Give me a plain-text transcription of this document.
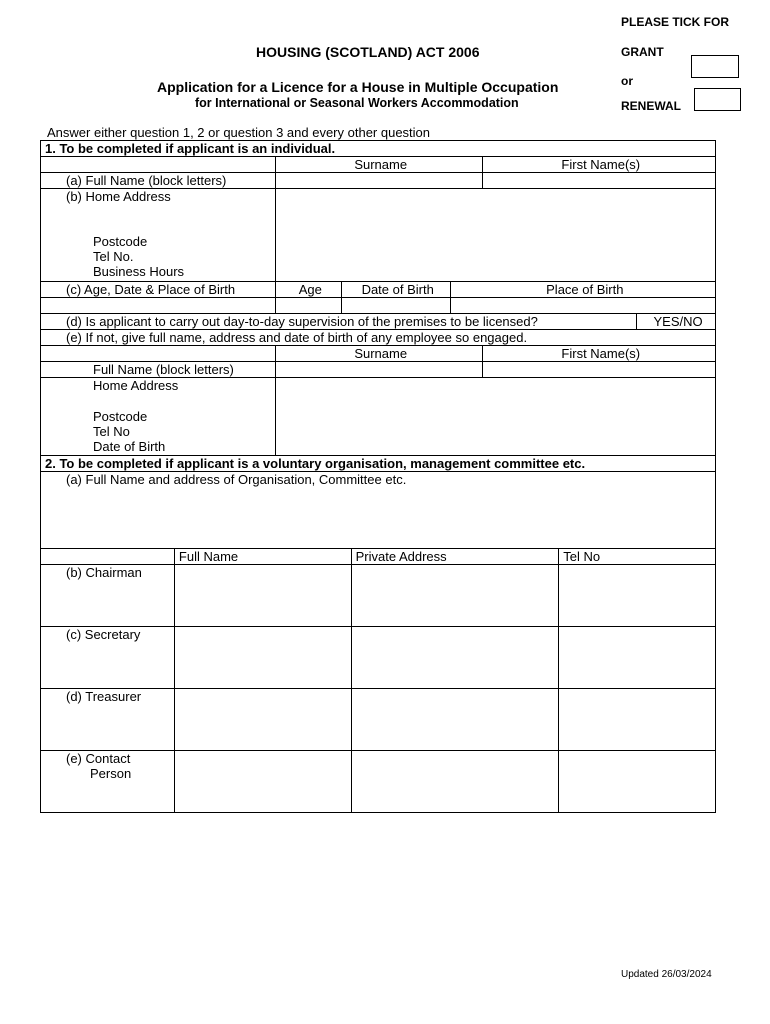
PLEASE TICK FOR
GRANT
or
RENEWAL
HOUSING (SCOTLAND) ACT 2006
Application for a Licence for a House in Multiple Occupation
for International or Seasonal Workers Accommodation
Answer either question 1, 2 or question 3 and every other question
1. To be completed if applicant is an individual.					
	Surname			First Name(s)	
(a) Full Name (block letters)					

(b) Home Address
Postcode
Tel No.
Business Hours					

(c) Age, Date & Place of Birth	Age	Date of Birth	Place of Birth		

(d) Is applicant to carry out day-to-day supervision of the premises to be licensed?					YES/NO
(e) If not, give full name, address and date of birth of any employee so engaged.					
	Surname			First Name(s)	
Full Name (block letters)					

Home Address
Postcode
Tel No
Date of Birth					

2. To be completed if applicant is a voluntary organisation, management committee etc.			
(a) Full Name and address of Organisation, Committee etc.			
	Full Name	Private Address	Tel No
(b) Chairman			
(c) Secretary			
(d) Treasurer			

(e) Contact
Person			

Updated 26/03/2024
